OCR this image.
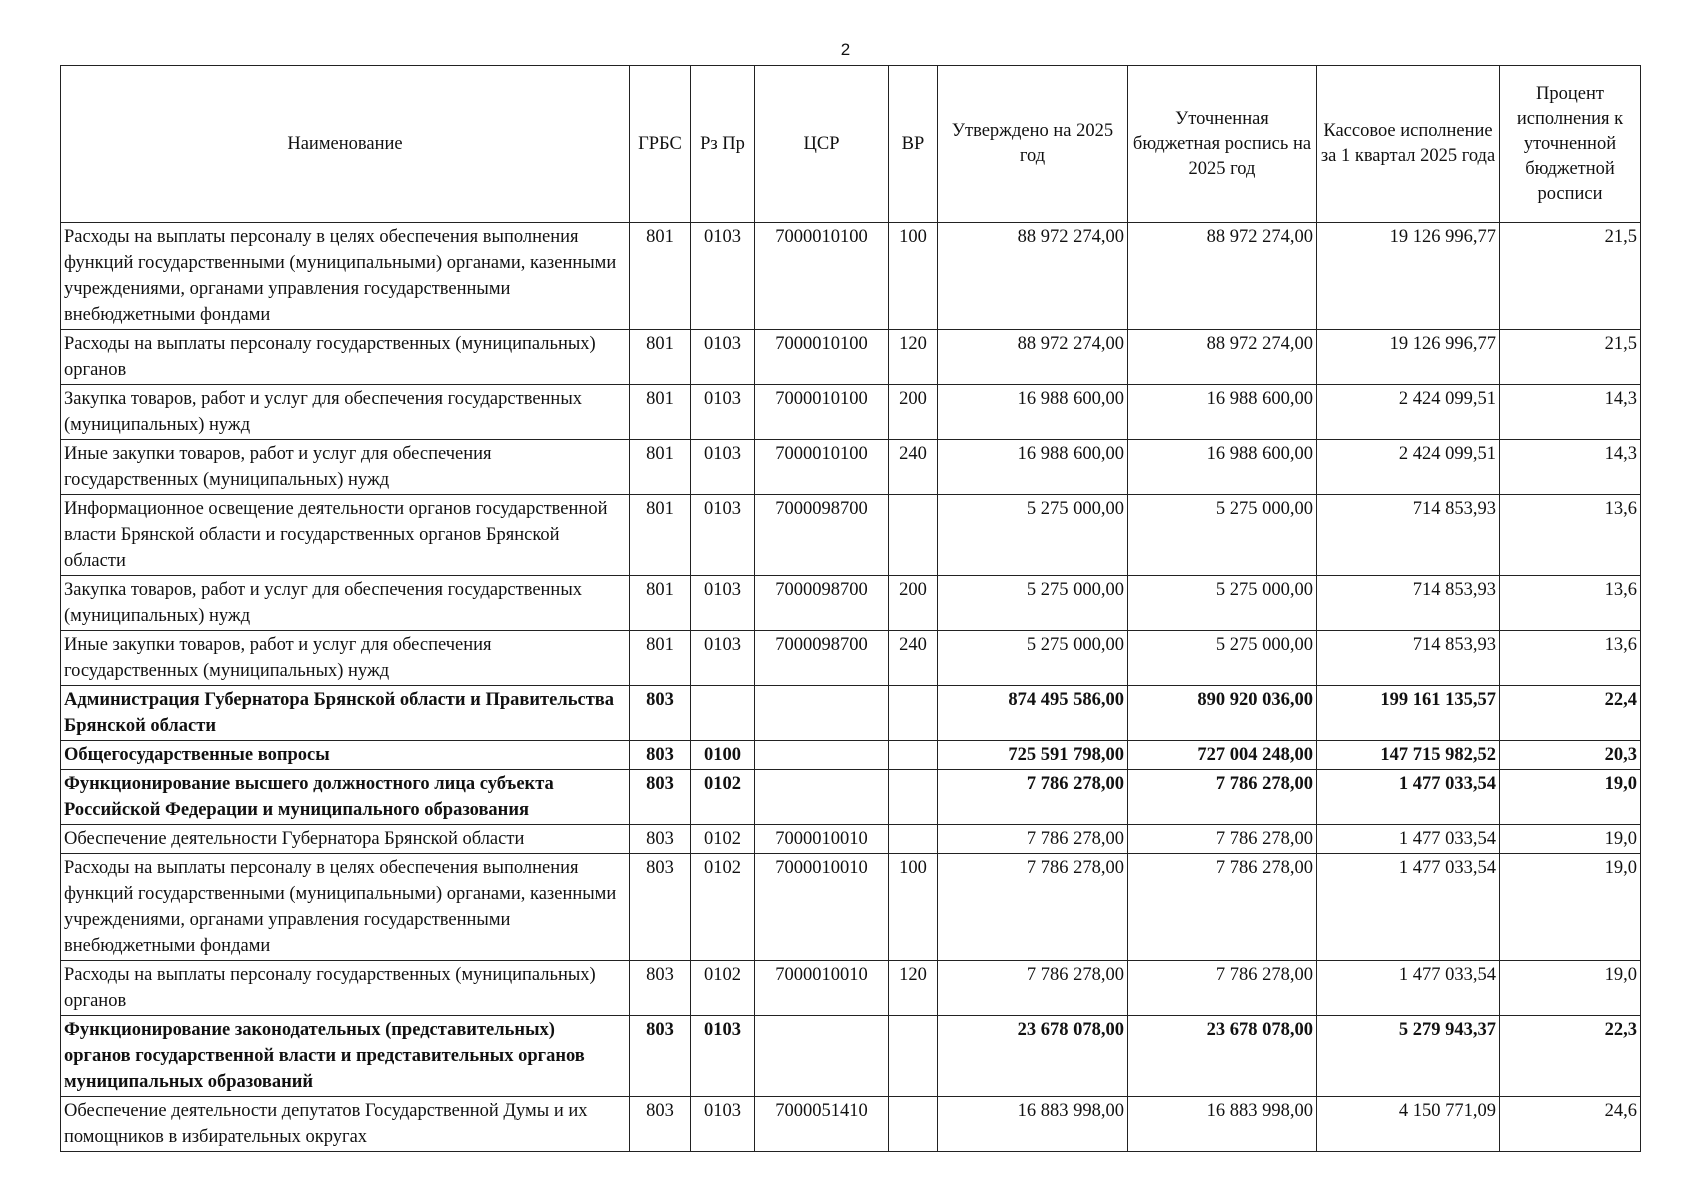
2
Наименование	ГРБС	Рз Пр	ЦСР	ВР	Утверждено на 2025 год	Уточненная бюджетная роспись на 2025 год	Кассовое исполнение за 1 квартал 2025 года	Процент исполнения к уточненной бюджетной росписи
Расходы на выплаты персоналу в целях обеспечения выполнения функций государственными (муниципальными) органами, казенными учреждениями, органами управления государственными внебюджетными фондами	801	0103	7000010100	100	88 972 274,00	88 972 274,00	19 126 996,77	21,5
Расходы на выплаты персоналу государственных (муниципальных) органов	801	0103	7000010100	120	88 972 274,00	88 972 274,00	19 126 996,77	21,5
Закупка товаров, работ и услуг для обеспечения государственных (муниципальных) нужд	801	0103	7000010100	200	16 988 600,00	16 988 600,00	2 424 099,51	14,3
Иные закупки товаров, работ и услуг для обеспечения государственных (муниципальных) нужд	801	0103	7000010100	240	16 988 600,00	16 988 600,00	2 424 099,51	14,3
Информационное освещение деятельности органов государственной власти Брянской области и государственных органов Брянской области	801	0103	7000098700		5 275 000,00	5 275 000,00	714 853,93	13,6
Закупка товаров, работ и услуг для обеспечения государственных (муниципальных) нужд	801	0103	7000098700	200	5 275 000,00	5 275 000,00	714 853,93	13,6
Иные закупки товаров, работ и услуг для обеспечения государственных (муниципальных) нужд	801	0103	7000098700	240	5 275 000,00	5 275 000,00	714 853,93	13,6
Администрация Губернатора Брянской области и Правительства Брянской области	803				874 495 586,00	890 920 036,00	199 161 135,57	22,4
Общегосударственные вопросы	803	0100			725 591 798,00	727 004 248,00	147 715 982,52	20,3
Функционирование высшего должностного лица субъекта Российской Федерации и муниципального образования	803	0102			7 786 278,00	7 786 278,00	1 477 033,54	19,0
Обеспечение деятельности Губернатора Брянской области	803	0102	7000010010		7 786 278,00	7 786 278,00	1 477 033,54	19,0
Расходы на выплаты персоналу в целях обеспечения выполнения функций государственными (муниципальными) органами, казенными учреждениями, органами управления государственными внебюджетными фондами	803	0102	7000010010	100	7 786 278,00	7 786 278,00	1 477 033,54	19,0
Расходы на выплаты персоналу государственных (муниципальных) органов	803	0102	7000010010	120	7 786 278,00	7 786 278,00	1 477 033,54	19,0
Функционирование законодательных (представительных) органов государственной власти и представительных органов муниципальных образований	803	0103			23 678 078,00	23 678 078,00	5 279 943,37	22,3
Обеспечение деятельности депутатов Государственной Думы и их помощников в избирательных округах	803	0103	7000051410		16 883 998,00	16 883 998,00	4 150 771,09	24,6
